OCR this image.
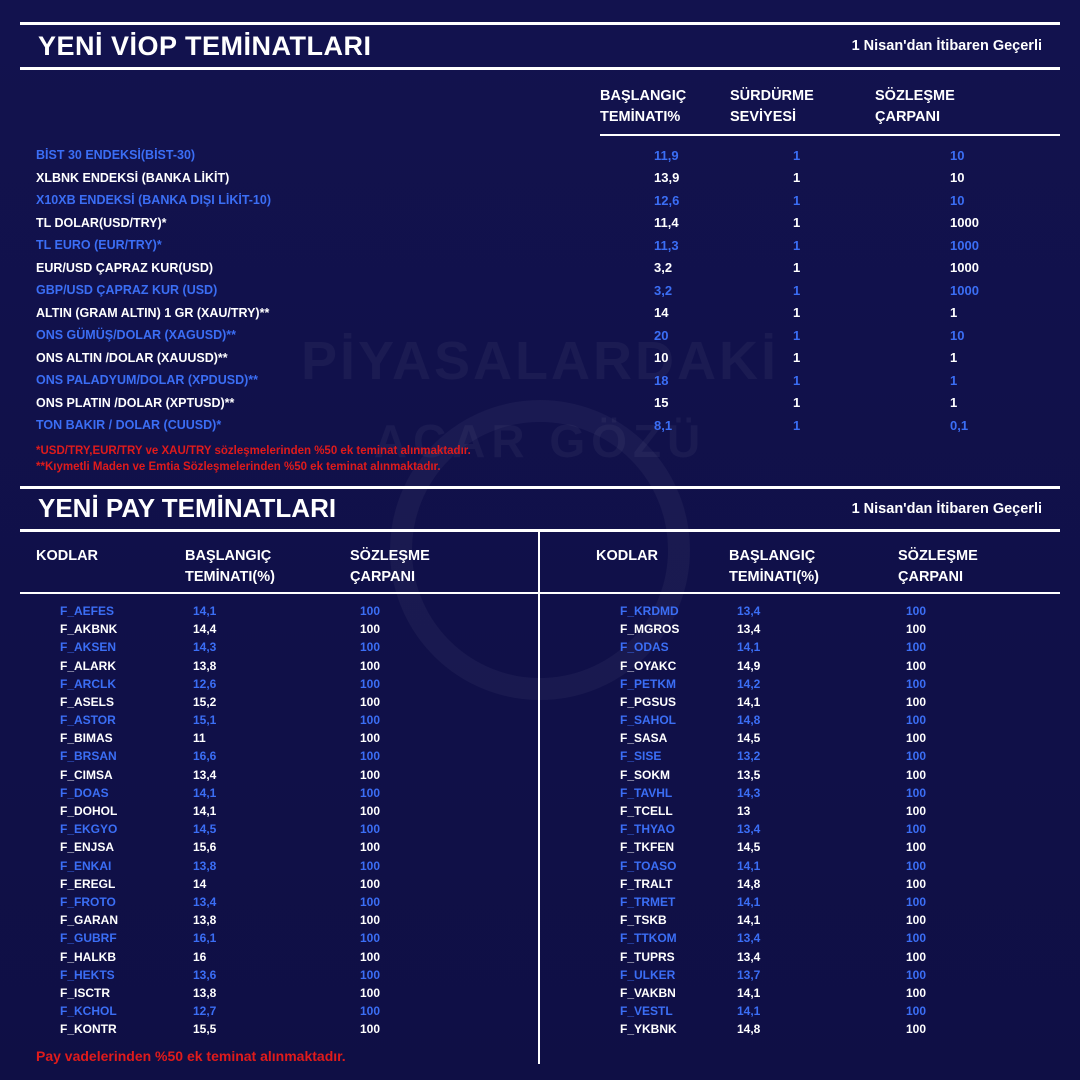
YENİ VİOP TEMİNATLARI	1 Nisan'dan İtibaren Geçerli
BAŞLANGIÇ
TEMİNATI%
SÜRDÜRME
SEVİYESİ
SÖZLEŞME
ÇARPANI
BİST 30 ENDEKSİ(BİST-30)	11,9	1	10
XLBNK ENDEKSİ (BANKA LİKİT)	13,9	1	10
X10XB ENDEKSİ (BANKA DIŞI LİKİT-10)	12,6	1	10
TL DOLAR(USD/TRY)*	11,4	1	1000
TL EURO (EUR/TRY)*	11,3	1	1000
EUR/USD ÇAPRAZ KUR(USD)	3,2	1	1000
GBP/USD ÇAPRAZ KUR (USD)	3,2	1	1000
ALTIN (GRAM ALTIN) 1 GR (XAU/TRY)**	14	1	1
ONS GÜMÜŞ/DOLAR (XAGUSD)**	20	1	10
ONS ALTIN /DOLAR (XAUUSD)**	10	1	1
ONS PALADYUM/DOLAR (XPDUSD)**	18	1	1
ONS PLATIN /DOLAR (XPTUSD)**	15	1	1
TON BAKIR / DOLAR (CUUSD)*	8,1	1	0,1
*USD/TRY,EUR/TRY ve XAU/TRY sözleşmelerinden %50 ek teminat alınmaktadır.
**Kıymetli Maden ve Emtia Sözleşmelerinden %50 ek teminat alınmaktadır.
YENİ PAY TEMİNATLARI	1 Nisan'dan İtibaren Geçerli
KODLAR	BAŞLANGIÇ
TEMİNATI(%)
SÖZLEŞME
ÇARPANI
F_AEFES	14,1	100
F_AKBNK	14,4	100
F_AKSEN	14,3	100
F_ALARK	13,8	100
F_ARCLK	12,6	100
F_ASELS	15,2	100
F_ASTOR	15,1	100
F_BIMAS	11	100
F_BRSAN	16,6	100
F_CIMSA	13,4	100
F_DOAS	14,1	100
F_DOHOL	14,1	100
F_EKGYO	14,5	100
F_ENJSA	15,6	100
F_ENKAI	13,8	100
F_EREGL	14	100
F_FROTO	13,4	100
F_GARAN	13,8	100
F_GUBRF	16,1	100
F_HALKB	16	100
F_HEKTS	13,6	100
F_ISCTR	13,8	100
F_KCHOL	12,7	100
F_KONTR	15,5	100
Pay vadelerinden %50 ek teminat alınmaktadır.
KODLAR	BAŞLANGIÇ
TEMİNATI(%)
SÖZLEŞME
ÇARPANI
F_KRDMD	13,4	100
F_MGROS	13,4	100
F_ODAS	14,1	100
F_OYAKC	14,9	100
F_PETKM	14,2	100
F_PGSUS	14,1	100
F_SAHOL	14,8	100
F_SASA	14,5	100
F_SISE	13,2	100
F_SOKM	13,5	100
F_TAVHL	14,3	100
F_TCELL	13	100
F_THYAO	13,4	100
F_TKFEN	14,5	100
F_TOASO	14,1	100
F_TRALT	14,8	100
F_TRMET	14,1	100
F_TSKB	14,1	100
F_TTKOM	13,4	100
F_TUPRS	13,4	100
F_ULKER	13,7	100
F_VAKBN	14,1	100
F_VESTL	14,1	100
F_YKBNK	14,8	100
